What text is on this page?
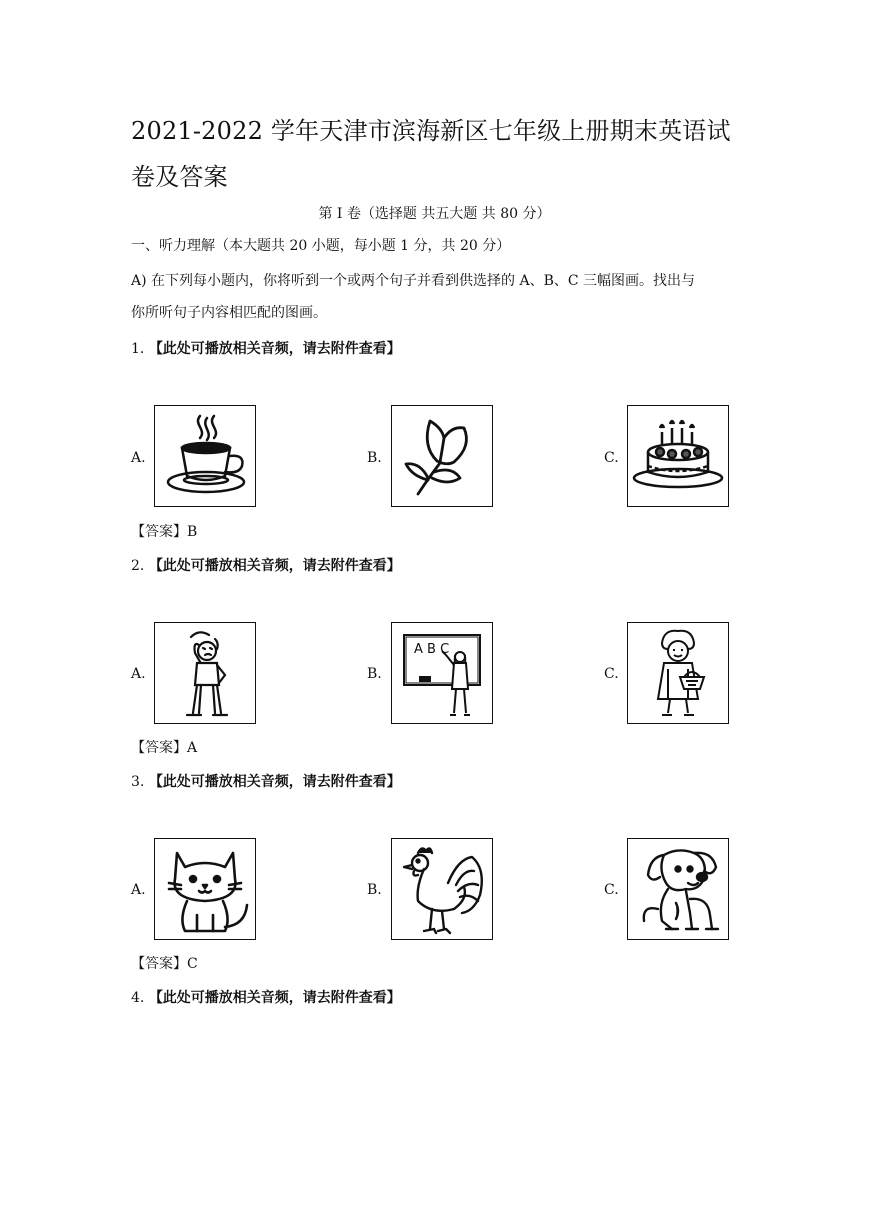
2021-2022 学年天津市滨海新区七年级上册期末英语试卷及答案
第 I 卷（选择题 共五大题 共 80 分）
一、听力理解（本大题共 20 小题，每小题 1 分，共 20 分）
A) 在下列每小题内，你将听到一个或两个句子并看到供选择的 A、B、C 三幅图画。找出与
你所听句子内容相匹配的图画。
1. 【此处可播放相关音频，请去附件查看】
A.	B.	C.
【答案】B
2. 【此处可播放相关音频，请去附件查看】
A.	B.
A B C
C.
【答案】A
3. 【此处可播放相关音频，请去附件查看】
A.	B.	C.
【答案】C
4. 【此处可播放相关音频，请去附件查看】
